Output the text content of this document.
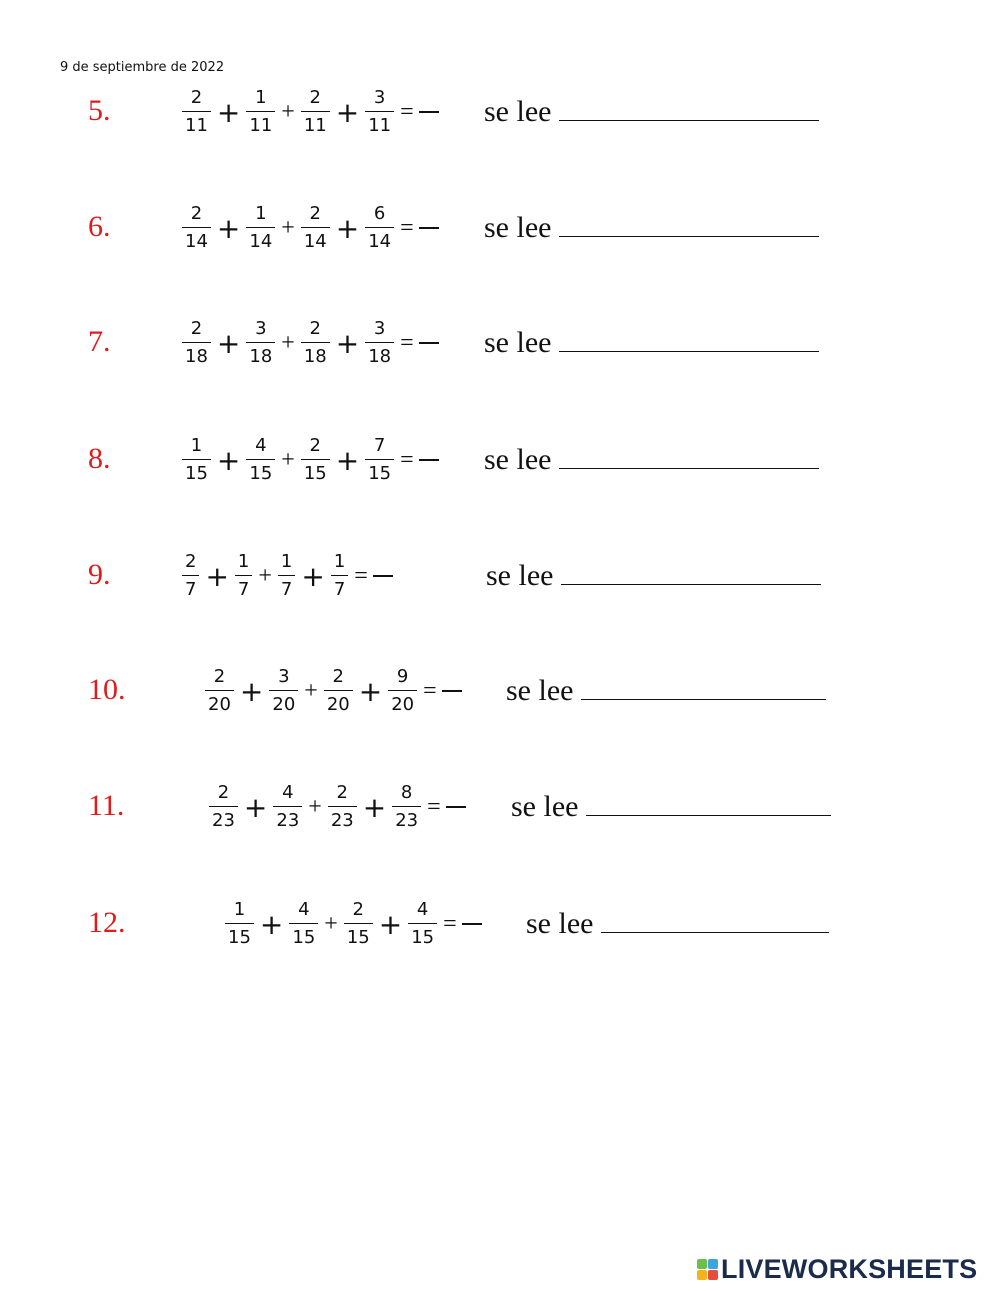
9 de septiembre de 2022
5.	$\frac{2}{11} + \frac{1}{11} + \frac{2}{11} + \frac{3}{11}$ = se lee
6.	$\frac{2}{14} + \frac{1}{14} + \frac{2}{14} + \frac{6}{14}$ = se lee
7.	$\frac{2}{18} + \frac{3}{18} + \frac{2}{18} + \frac{3}{18}$ = se lee
8.	$\frac{1}{15} + \frac{4}{15} + \frac{2}{15} + \frac{7}{15}$ = se lee
9.	$\frac{2}{7} + \frac{1}{7} + \frac{1}{7} + \frac{1}{7}$ =	se lee
10.	$\frac{2}{20} + \frac{3}{20} + \frac{2}{20} + \frac{9}{20}$ = se lee
11.	$\frac{2}{23} + \frac{4}{23} + \frac{2}{23} + \frac{8}{23}$ = se lee
12.	$\frac{1}{15} + \frac{4}{15} + \frac{2}{15} + \frac{4}{15}$ = se lee
LIVEWORKSHEETS
